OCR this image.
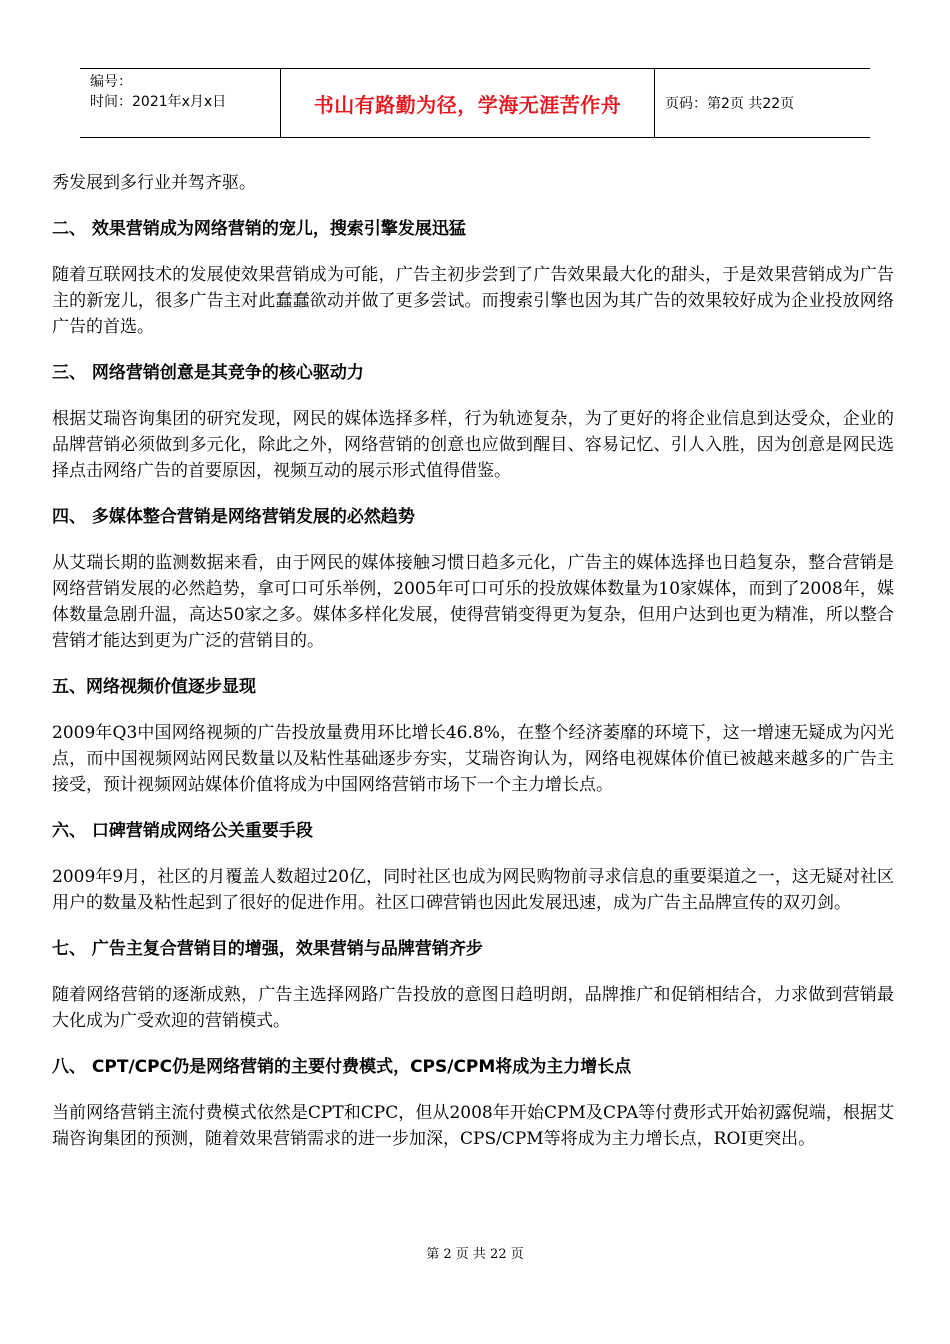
编号：
时间：2021年x月x日	书山有路勤为径，学海无涯苦作舟	页码：第2页 共22页

秀发展到多行业并驾齐驱。

二、 效果营销成为网络营销的宠儿，搜索引擎发展迅猛

随着互联网技术的发展使效果营销成为可能，广告主初步尝到了广告效果最大化的甜头，于是效果营销成为广告主的新宠儿，很多广告主对此蠢蠢欲动并做了更多尝试。而搜索引擎也因为其广告的效果较好成为企业投放网络广告的首选。

三、 网络营销创意是其竞争的核心驱动力

根据艾瑞咨询集团的研究发现，网民的媒体选择多样，行为轨迹复杂，为了更好的将企业信息到达受众，企业的品牌营销必须做到多元化，除此之外，网络营销的创意也应做到醒目、容易记忆、引人入胜，因为创意是网民选择点击网络广告的首要原因，视频互动的展示形式值得借鉴。

四、 多媒体整合营销是网络营销发展的必然趋势

从艾瑞长期的监测数据来看，由于网民的媒体接触习惯日趋多元化，广告主的媒体选择也日趋复杂，整合营销是网络营销发展的必然趋势，拿可口可乐举例，2005年可口可乐的投放媒体数量为10家媒体，而到了2008年，媒体数量急剧升温，高达50家之多。媒体多样化发展，使得营销变得更为复杂，但用户达到也更为精准，所以整合营销才能达到更为广泛的营销目的。

五、网络视频价值逐步显现

2009年Q3中国网络视频的广告投放量费用环比增长46.8%，在整个经济萎靡的环境下，这一增速无疑成为闪光点，而中国视频网站网民数量以及粘性基础逐步夯实，艾瑞咨询认为，网络电视媒体价值已被越来越多的广告主接受，预计视频网站媒体价值将成为中国网络营销市场下一个主力增长点。

六、 口碑营销成网络公关重要手段

2009年9月，社区的月覆盖人数超过20亿，同时社区也成为网民购物前寻求信息的重要渠道之一，这无疑对社区用户的数量及粘性起到了很好的促进作用。社区口碑营销也因此发展迅速，成为广告主品牌宣传的双刃剑。

七、 广告主复合营销目的增强，效果营销与品牌营销齐步

随着网络营销的逐渐成熟，广告主选择网路广告投放的意图日趋明朗，品牌推广和促销相结合，力求做到营销最大化成为广受欢迎的营销模式。

八、 CPT/CPC仍是网络营销的主要付费模式，CPS/CPM将成为主力增长点

当前网络营销主流付费模式依然是CPT和CPC，但从2008年开始CPM及CPA等付费形式开始初露倪端，根据艾瑞咨询集团的预测，随着效果营销需求的进一步加深，CPS/CPM等将成为主力增长点，ROI更突出。

第 2 页 共 22 页
